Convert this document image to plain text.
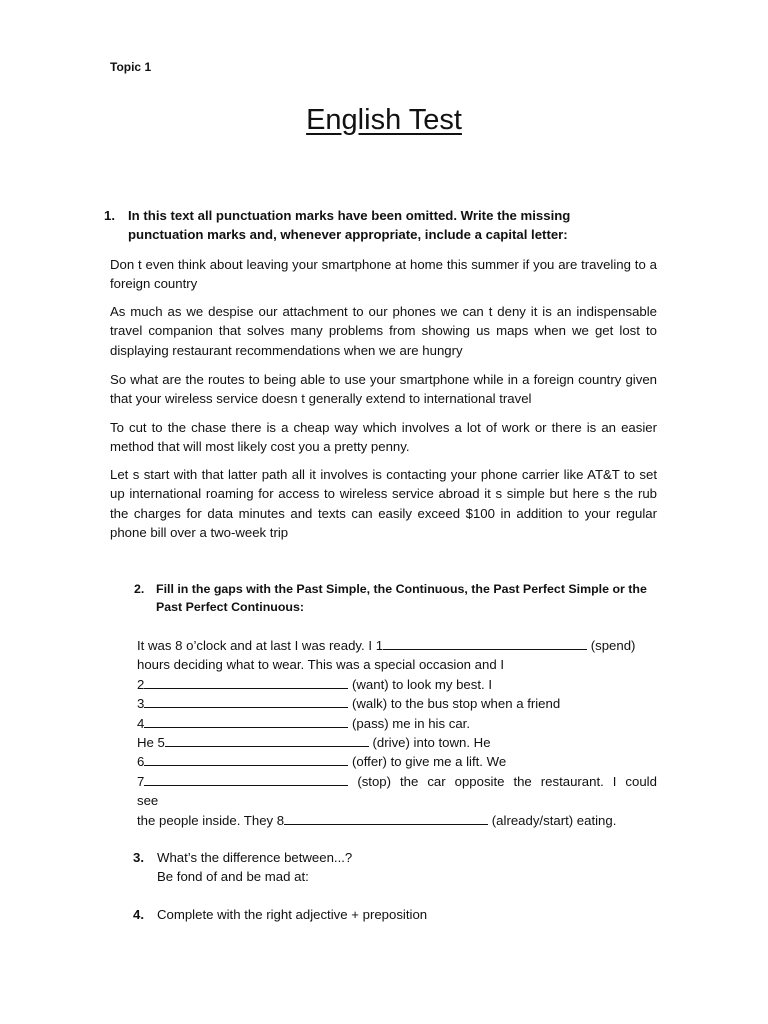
Topic 1
English Test
1. In this text all punctuation marks have been omitted. Write the missing punctuation marks and, whenever appropriate, include a capital letter:
Don t even think about leaving your smartphone at home this summer if you are traveling to a foreign country
As much as we despise our attachment to our phones we can t deny it is an indispensable travel companion that solves many problems from showing us maps when we get lost to displaying restaurant recommendations when we are hungry
So what are the routes to being able to use your smartphone while in a foreign country given that your wireless service doesn t generally extend to international travel
To cut to the chase there is a cheap way which involves a lot of work or there is an easier method that will most likely cost you a pretty penny.
Let s start with that latter path all it involves is contacting your phone carrier like AT&T to set up international roaming for access to wireless service abroad it s simple but here s the rub the charges for data minutes and texts can easily exceed $100 in addition to your regular phone bill over a two-week trip
2. Fill in the gaps with the Past Simple, the Continuous, the Past Perfect Simple or the Past Perfect Continuous:
It was 8 o’clock and at last I was ready. I 1	(spend)
hours deciding what to wear. This was a special occasion and I
2	(want) to look my best. I
3	(walk) to the bus stop when a friend
4	(pass) me in his car.
He 5	(drive) into town. He
6	(offer) to give me a lift. We
7	(stop) the car opposite the restaurant. I could
see
the people inside. They 8	(already/start) eating.
3. What’s the difference between...?
Be fond of and be mad at:
4. Complete with the right adjective + preposition
